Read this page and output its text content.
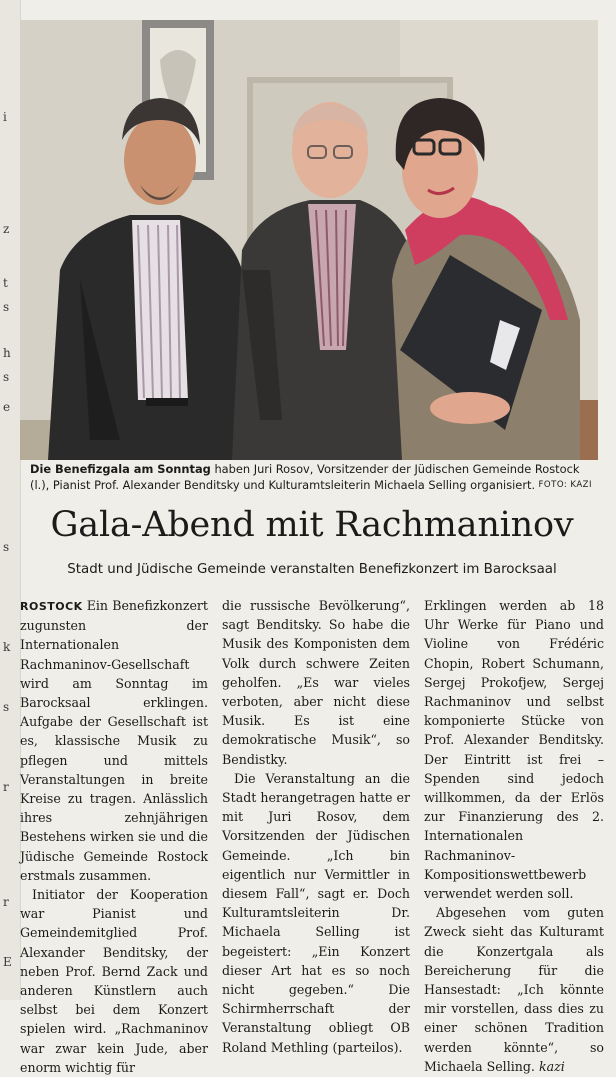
i
z
t
s
h
s
e
s
k
s
r
r
E
Die Benefizgala am Sonntag haben Juri Rosov, Vorsitzender der Jüdischen Gemeinde Rostock (l.), Pianist Prof. Alexander Benditsky und Kulturamtsleiterin Michaela Selling organisiert. FOTO: KAZI
Gala-Abend mit Rachmaninov
Stadt und Jüdische Gemeinde veranstalten Benefizkonzert im Barocksaal

ROSTOCK Ein Benefizkonzert zugunsten der Internationalen Rachmaninov-Gesellschaft wird am Sonntag im Barocksaal erklingen. Aufgabe der Gesellschaft ist es, klassische Musik zu pflegen und mittels Veranstaltungen in breite Kreise zu tragen. Anlässlich ihres zehnjährigen Bestehens wirken sie und die Jüdische Gemeinde Rostock erstmals zusammen.

Initiator der Kooperation war Pianist und Gemeindemitglied Prof. Alexander Benditsky, der neben Prof. Bernd Zack und anderen Künstlern auch selbst bei dem Konzert spielen wird. „Rachmaninov war zwar kein Jude, aber enorm wichtig für

die russische Bevölkerung“, sagt Benditsky. So habe die Musik des Komponisten dem Volk durch schwere Zeiten geholfen. „Es war vieles verboten, aber nicht diese Musik. Es ist eine demokratische Musik“, so Bendistky.

Die Veranstaltung an die Stadt herangetragen hatte er mit Juri Rosov, dem Vorsitzenden der Jüdischen Gemeinde. „Ich bin eigentlich nur Vermittler in diesem Fall“, sagt er. Doch Kulturamtsleiterin Dr. Michaela Selling ist begeistert: „Ein Konzert dieser Art hat es so noch nicht gegeben.“ Die Schirmherrschaft der Veranstaltung obliegt OB Roland Methling (parteilos).

Erklingen werden ab 18 Uhr Werke für Piano und Violine von Frédéric Chopin, Robert Schumann, Sergej Prokofjew, Sergej Rachmaninov und selbst komponierte Stücke von Prof. Alexander Benditsky. Der Eintritt ist frei – Spenden sind jedoch willkommen, da der Erlös zur Finanzierung des 2. Internationalen Rachmaninov-Kompositionswettbewerb verwendet werden soll.

Abgesehen vom guten Zweck sieht das Kulturamt die Konzertgala als Bereicherung für die Hansestadt: „Ich könnte mir vorstellen, dass dies zu einer schönen Tradition werden könnte“, so Michaela Selling. kazi
